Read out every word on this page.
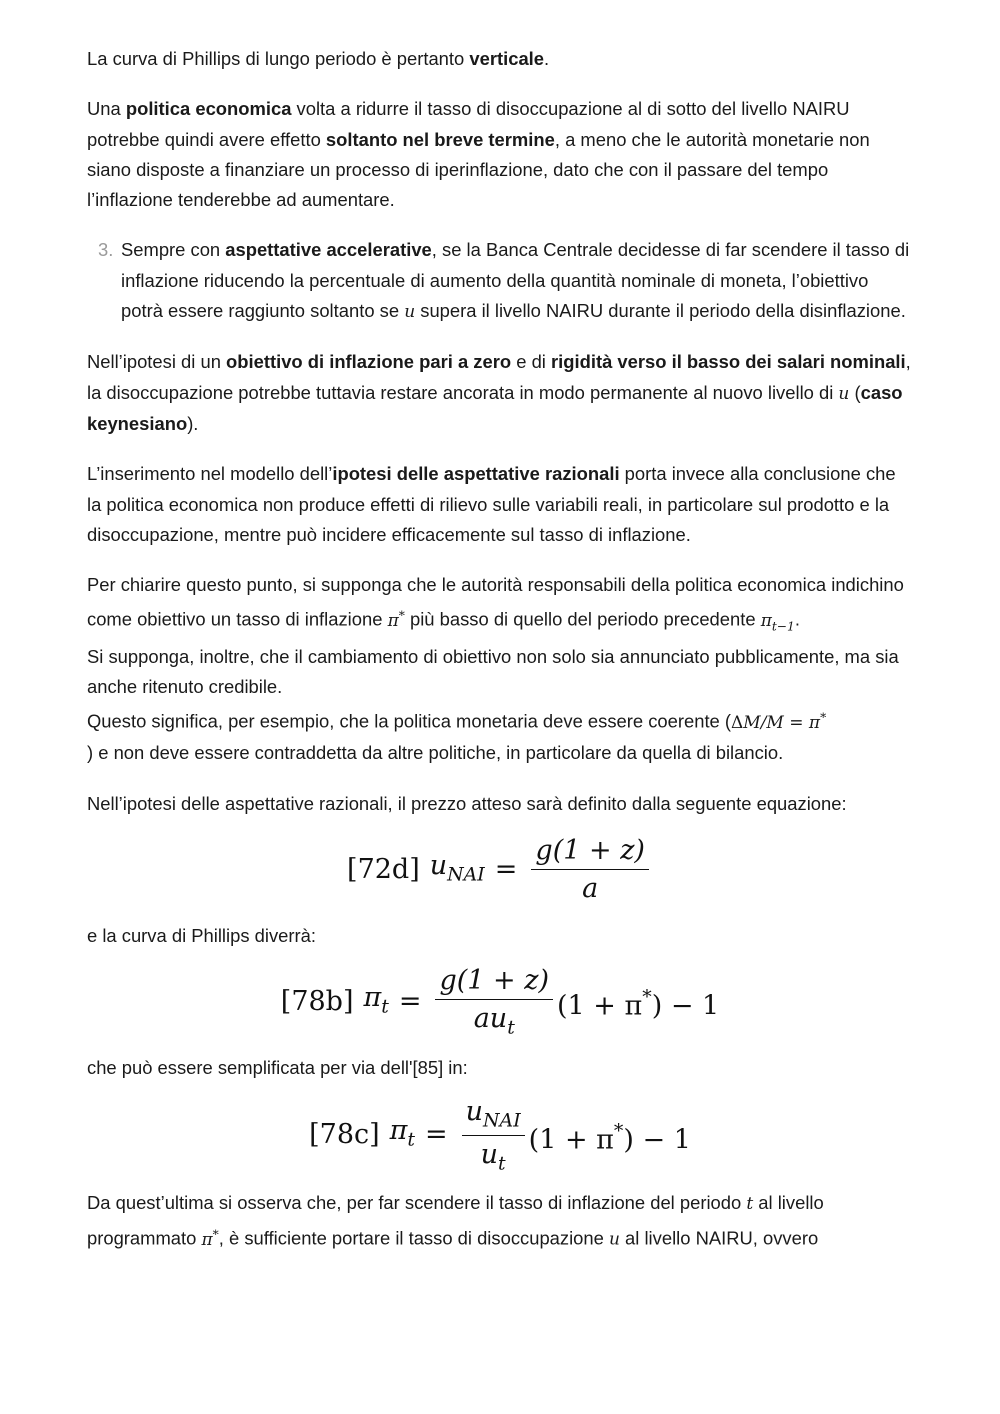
La curva di Phillips di lungo periodo è pertanto verticale.

Una politica economica volta a ridurre il tasso di disoccupazione al di sotto del livello NAIRU potrebbe quindi avere effetto soltanto nel breve termine, a meno che le autorità monetarie non siano disposte a finanziare un processo di iperinflazione, dato che con il passare del tempo l’inflazione tenderebbe ad aumentare.

3. Sempre con aspettative accelerative, se la Banca Centrale decidesse di far scendere il tasso di inflazione riducendo la percentuale di aumento della quantità nominale di moneta, l’obiettivo potrà essere raggiunto soltanto se u supera il livello NAIRU durante il periodo della disinflazione.

Nell’ipotesi di un obiettivo di inflazione pari a zero e di rigidità verso il basso dei salari nominali, la disoccupazione potrebbe tuttavia restare ancorata in modo permanente al nuovo livello di u (caso keynesiano).

L’inserimento nel modello dell’ipotesi delle aspettative razionali porta invece alla conclusione che la politica economica non produce effetti di rilievo sulle variabili reali, in particolare sul prodotto e la disoccupazione, mentre può incidere efficacemente sul tasso di inflazione.

Per chiarire questo punto, si supponga che le autorità responsabili della politica economica indichino come obiettivo un tasso di inflazione π* più basso di quello del periodo precedente $\pi_{t-1}$.
Si supponga, inoltre, che il cambiamento di obiettivo non solo sia annunciato pubblicamente, ma sia anche ritenuto credibile.
Questo significa, per esempio, che la politica monetaria deve essere coerente (ΔM/M = π*
) e non deve essere contraddetta da altre politiche, in particolare da quella di bilancio.

Nell’ipotesi delle aspettative razionali, il prezzo atteso sarà definito dalla seguente equazione:

[72d] $u_{NAI} = \frac{g(1 + z)}{a}$

e la curva di Phillips diverrà:

[78b] $\pi_t = \frac{g(1 + z)}{au_t} (1 + \pi^*) - 1$

che può essere semplificata per via dell'[85] in:

[78c] $\pi_t = \frac{u_{NAI}}{u_t} (1 + \pi^*) - 1$

Da quest’ultima si osserva che, per far scendere il tasso di inflazione del periodo t al livello programmato π*, è sufficiente portare il tasso di disoccupazione u al livello NAIRU, ovvero
